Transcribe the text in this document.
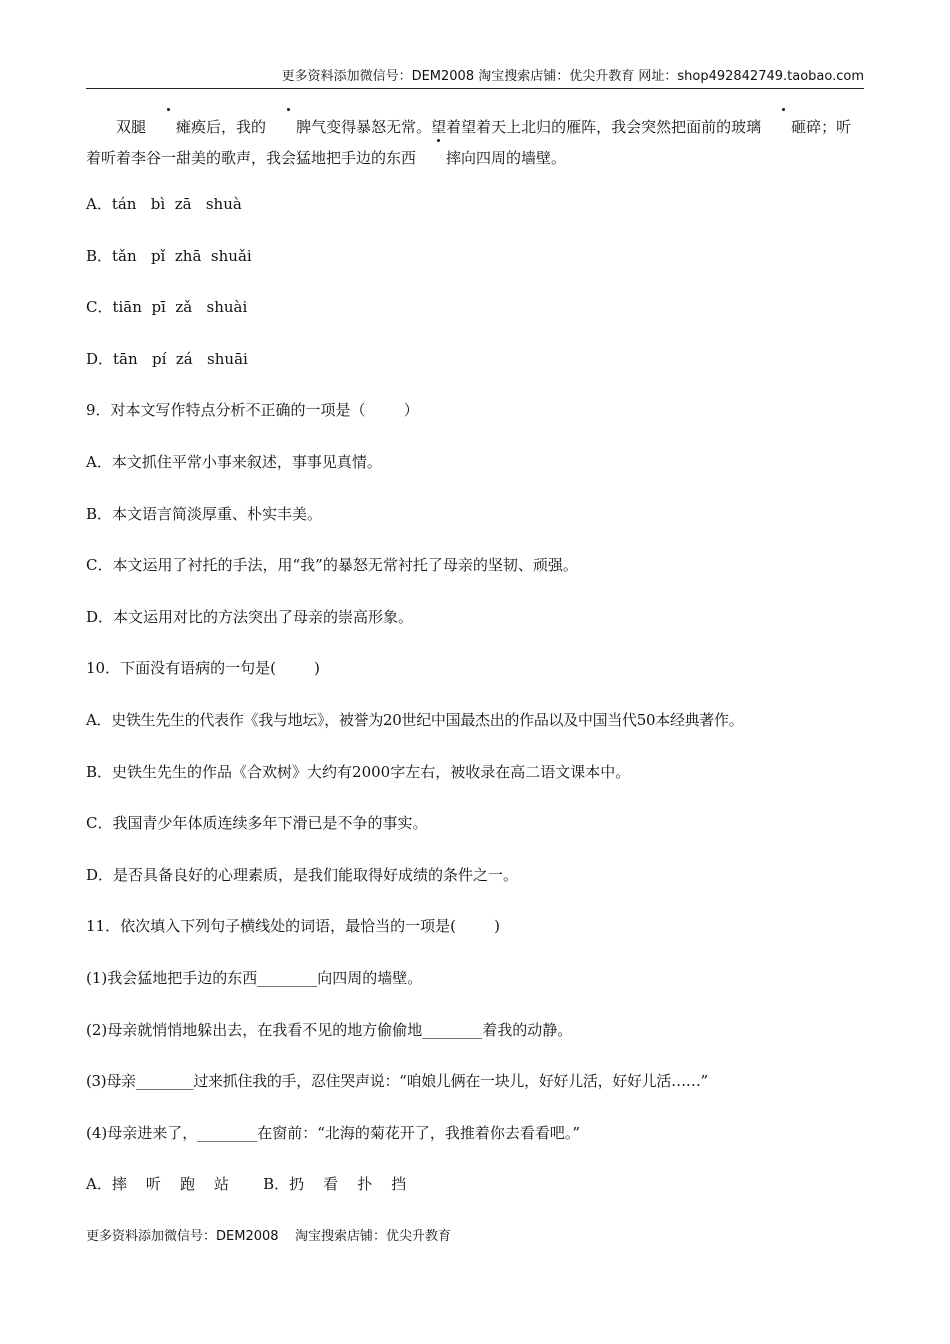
更多资料添加微信号：DEM2008 淘宝搜索店铺：优尖升教育 网址：shop492842749.taobao.com

双腿 瘫痪后，我的 脾气变得暴怒无常。望着望着天上北归的雁阵，我会突然把面前的玻璃 砸碎；听着听着李谷一甜美的歌声，我会猛地把手边的东西 摔向四周的墙壁。

A．tán   bì  zā   shuà
B．tǎn   pǐ  zhā  shuǎi
C．tiān  pī  zǎ   shuài
D．tān   pí  zá   shuāi
9．对本文写作特点分析不正确的一项是（        ）
A．本文抓住平常小事来叙述，事事见真情。
B．本文语言简淡厚重、朴实丰美。
C．本文运用了衬托的手法，用“我”的暴怒无常衬托了母亲的坚韧、顽强。
D．本文运用对比的方法突出了母亲的崇高形象。
10．下面没有语病的一句是(        )
A．史铁生先生的代表作《我与地坛》，被誉为20世纪中国最杰出的作品以及中国当代50本经典著作。
B．史铁生先生的作品《合欢树》大约有2000字左右，被收录在高二语文课本中。
C．我国青少年体质连续多年下滑已是不争的事实。
D．是否具备良好的心理素质，是我们能取得好成绩的条件之一。
11．依次填入下列句子横线处的词语，最恰当的一项是(        )
(1)我会猛地把手边的东西________向四周的墙壁。
(2)母亲就悄悄地躲出去，在我看不见的地方偷偷地________着我的动静。
(3)母亲________过来抓住我的手，忍住哭声说：“咱娘儿俩在一块儿，好好儿活，好好儿活……”
(4)母亲进来了，________在窗前：“北海的菊花开了，我推着你去看看吧。”
A．摔    听    跑    站 B．扔    看    扑    挡
更多资料添加微信号：DEM2008    淘宝搜索店铺：优尖升教育
